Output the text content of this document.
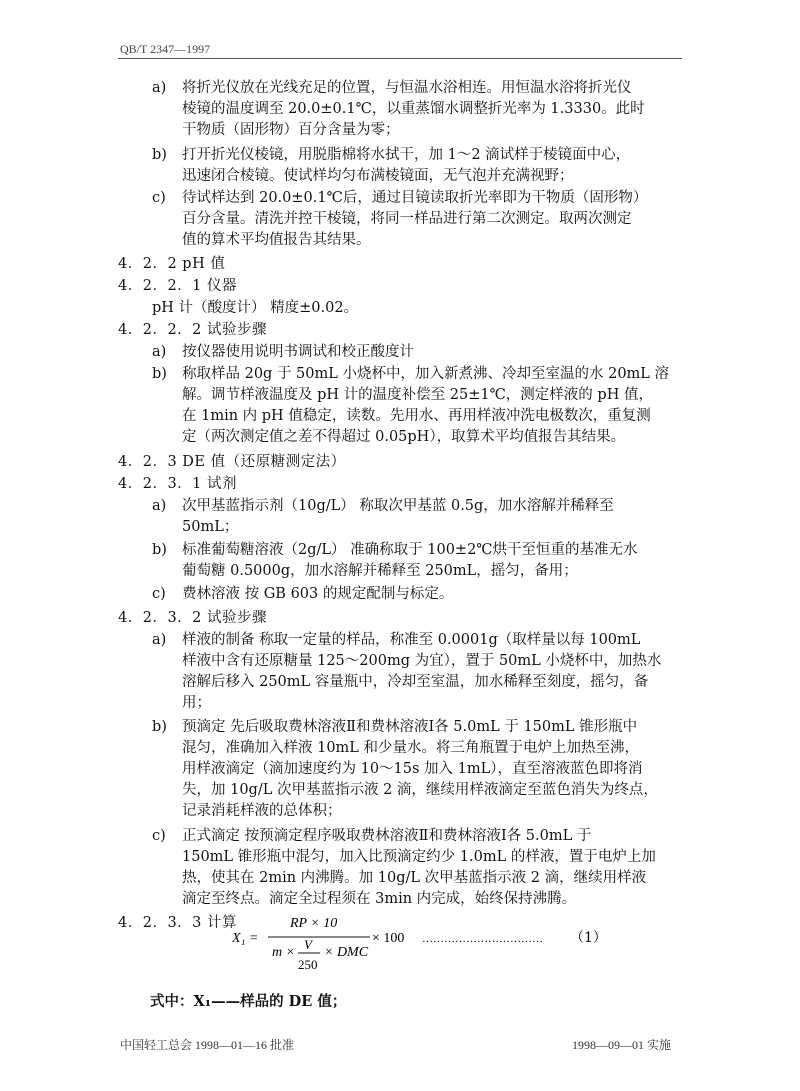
QB/T 2347—1997
a) 将折光仪放在光线充足的位置，与恒温水浴相连。用恒温水浴将折光仪
棱镜的温度调至 20.0±0.1℃，以重蒸馏水调整折光率为 1.3330。此时
干物质（固形物）百分含量为零；
b) 打开折光仪棱镜，用脱脂棉将水拭干，加 1～2 滴试样于棱镜面中心，
迅速闭合棱镜。使试样均匀布满棱镜面，无气泡并充满视野；
c) 待试样达到 20.0±0.1℃后，通过目镜读取折光率即为干物质（固形物）
百分含量。清洗并控干棱镜，将同一样品进行第二次测定。取两次测定
值的算术平均值报告其结果。
4．2．2 pH 值
4．2．2．1 仪器
pH 计（酸度计） 精度±0.02。
4．2．2．2 试验步骤
a) 按仪器使用说明书调试和校正酸度计
b) 称取样品 20g 于 50mL 小烧杯中，加入新煮沸、冷却至室温的水 20mL 溶
解。调节样液温度及 pH 计的温度补偿至 25±1℃，测定样液的 pH 值，
在 1min 内 pH 值稳定，读数。先用水、再用样液冲洗电极数次，重复测
定（两次测定值之差不得超过 0.05pH），取算术平均值报告其结果。
4．2．3 DE 值（还原糖测定法）
4．2．3．1 试剂
a) 次甲基蓝指示剂（10g/L） 称取次甲基蓝 0.5g，加水溶解并稀释至
50mL；
b) 标准葡萄糖溶液（2g/L） 准确称取于 100±2℃烘干至恒重的基准无水
葡萄糖 0.5000g，加水溶解并稀释至 250mL，摇匀，备用；
c) 费林溶液 按 GB 603 的规定配制与标定。
4．2．3．2 试验步骤
a) 样液的制备 称取一定量的样品，称准至 0.0001g（取样量以每 100mL
样液中含有还原糖量 125～200mg 为宜），置于 50mL 小烧杯中，加热水
溶解后移入 250mL 容量瓶中，冷却至室温，加水稀释至刻度，摇匀，备
用；
b) 预滴定 先后吸取费林溶液Ⅱ和费林溶液Ⅰ各 5.0mL 于 150mL 锥形瓶中
混匀，准确加入样液 10mL 和少量水。将三角瓶置于电炉上加热至沸，
用样液滴定（滴加速度约为 10～15s 加入 1mL），直至溶液蓝色即将消
失，加 10g/L 次甲基蓝指示液 2 滴，继续用样液滴定至蓝色消失为终点，
记录消耗样液的总体积；
c) 正式滴定 按预滴定程序吸取费林溶液Ⅱ和费林溶液Ⅰ各 5.0mL 于
150mL 锥形瓶中混匀，加入比预滴定约少 1.0mL 的样液，置于电炉上加
热，使其在 2min 内沸腾。加 10g/L 次甲基蓝指示液 2 滴，继续用样液
滴定至终点。滴定全过程须在 3min 内完成，始终保持沸腾。
4．2．3．3 计算
X₁ =
RP × 10
m ×
V
250
× DMC
× 100 …………………………… （1）
式中：X₁——样品的 DE 值；
中国轻工总会 1998—01—16 批准	1998—09—01 实施
